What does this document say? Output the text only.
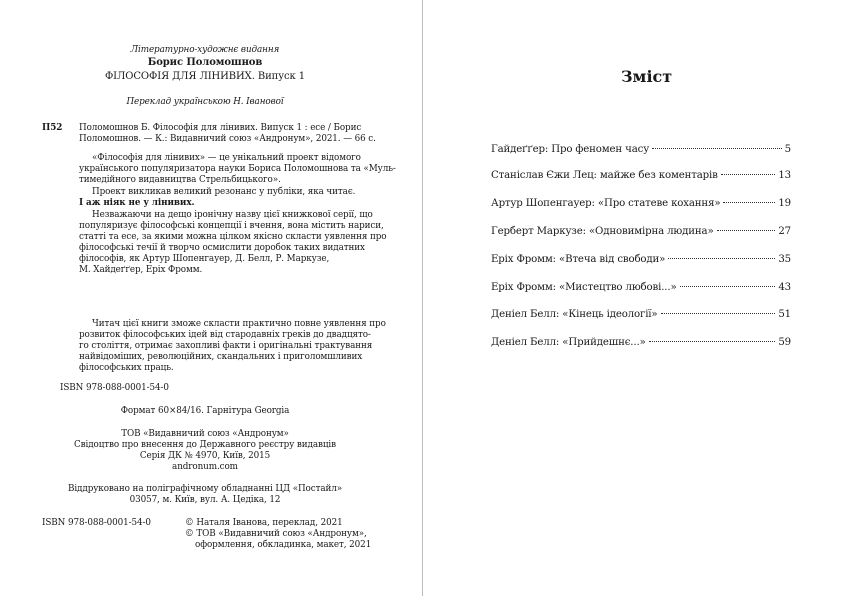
Літературно-художнє видання

Борис Поломошнов

ФІЛОСОФІЯ ДЛЯ ЛІНИВИХ. Випуск 1

Переклад українською Н. Іванової

П52 Поломошнов Б. Філософія для лінивих. Випуск 1 : есе / Борис

Поломошнов. — К.: Видавничий союз «Андронум», 2021. — 66 с.

«Філософія для лінивих» — це унікальний проект відомого

українського популяризатора науки Бориса Поломошнова та «Муль-

тимедійного видавництва Стрельбицького».

Проект викликав великий резонанс у публіки, яка читає.

І аж ніяк не у лінивих.

Незважаючи на дещо іронічну назву цієї книжкової серії, що

популяризує філософські концепції і вчення, вона містить нариси,

статті та есе, за якими можна цілком якісно скласти уявлення про

філософські течії й творчо осмислити доробок таких видатних

філософів, як Артур Шопенгауер, Д. Белл, Р. Маркузе,

М. Хайдеґґер, Еріх Фромм.

Читач цієї книги зможе скласти практично повне уявлення про

розвиток філософських ідей від стародавніх греків до двадцято-

го століття, отримає захопливі факти і оригінальні трактування

найвідоміших, революційних, скандальних і приголомшливих

філософських праць.

ISBN 978-088-0001-54-0

Формат 60×84/16. Гарнітура Georgia

ТОВ «Видавничий союз «Андронум»

Свідоцтво про внесення до Державного реєстру видавців

Серія ДК № 4970, Київ, 2015

andronum.com

Віддруковано на поліграфічному обладнанні ЦД «Постайл»

03057, м. Київ, вул. А. Цедіка, 12

ISBN 978-088-0001-54-0	© Наталя Іванова, переклад, 2021

© ТОВ «Видавничий союз «Андронум»,

оформлення, обкладинка, макет, 2021

Зміст
Гайдеґґер: Про феномен часу	5
Станіслав Єжи Лец: майже без коментарів	13
Артур Шопенгауер: «Про статеве кохання»	19
Герберт Маркузе: «Одновимірна людина»	27
Еріх Фромм: «Втеча від свободи»	35
Еріх Фромм: «Мистецтво любові...»	43
Деніел Белл: «Кінець ідеології»	51
Деніел Белл: «Прийдешнє...»	59
